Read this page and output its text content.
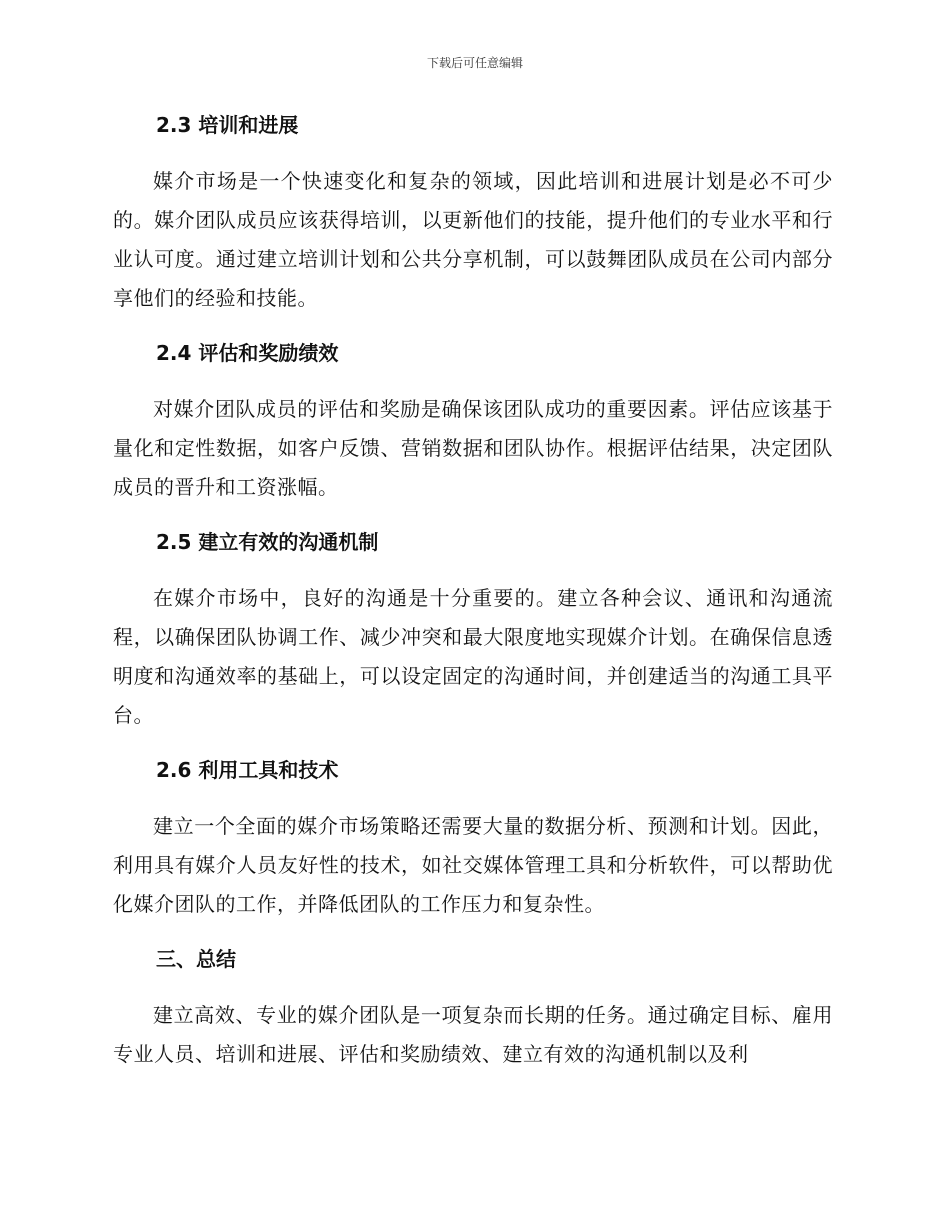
下载后可任意编辑
2.3 培训和进展

媒介市场是一个快速变化和复杂的领域，因此培训和进展计划是必不可少的。媒介团队成员应该获得培训，以更新他们的技能，提升他们的专业水平和行业认可度。通过建立培训计划和公共分享机制，可以鼓舞团队成员在公司内部分享他们的经验和技能。

2.4 评估和奖励绩效

对媒介团队成员的评估和奖励是确保该团队成功的重要因素。评估应该基于量化和定性数据，如客户反馈、营销数据和团队协作。根据评估结果，决定团队成员的晋升和工资涨幅。

2.5 建立有效的沟通机制

在媒介市场中，良好的沟通是十分重要的。建立各种会议、通讯和沟通流程，以确保团队协调工作、减少冲突和最大限度地实现媒介计划。在确保信息透明度和沟通效率的基础上，可以设定固定的沟通时间，并创建适当的沟通工具平台。

2.6 利用工具和技术

建立一个全面的媒介市场策略还需要大量的数据分析、预测和计划。因此，利用具有媒介人员友好性的技术，如社交媒体管理工具和分析软件，可以帮助优化媒介团队的工作，并降低团队的工作压力和复杂性。

三、总结

建立高效、专业的媒介团队是一项复杂而长期的任务。通过确定目标、雇用专业人员、培训和进展、评估和奖励绩效、建立有效的沟通机制以及利
